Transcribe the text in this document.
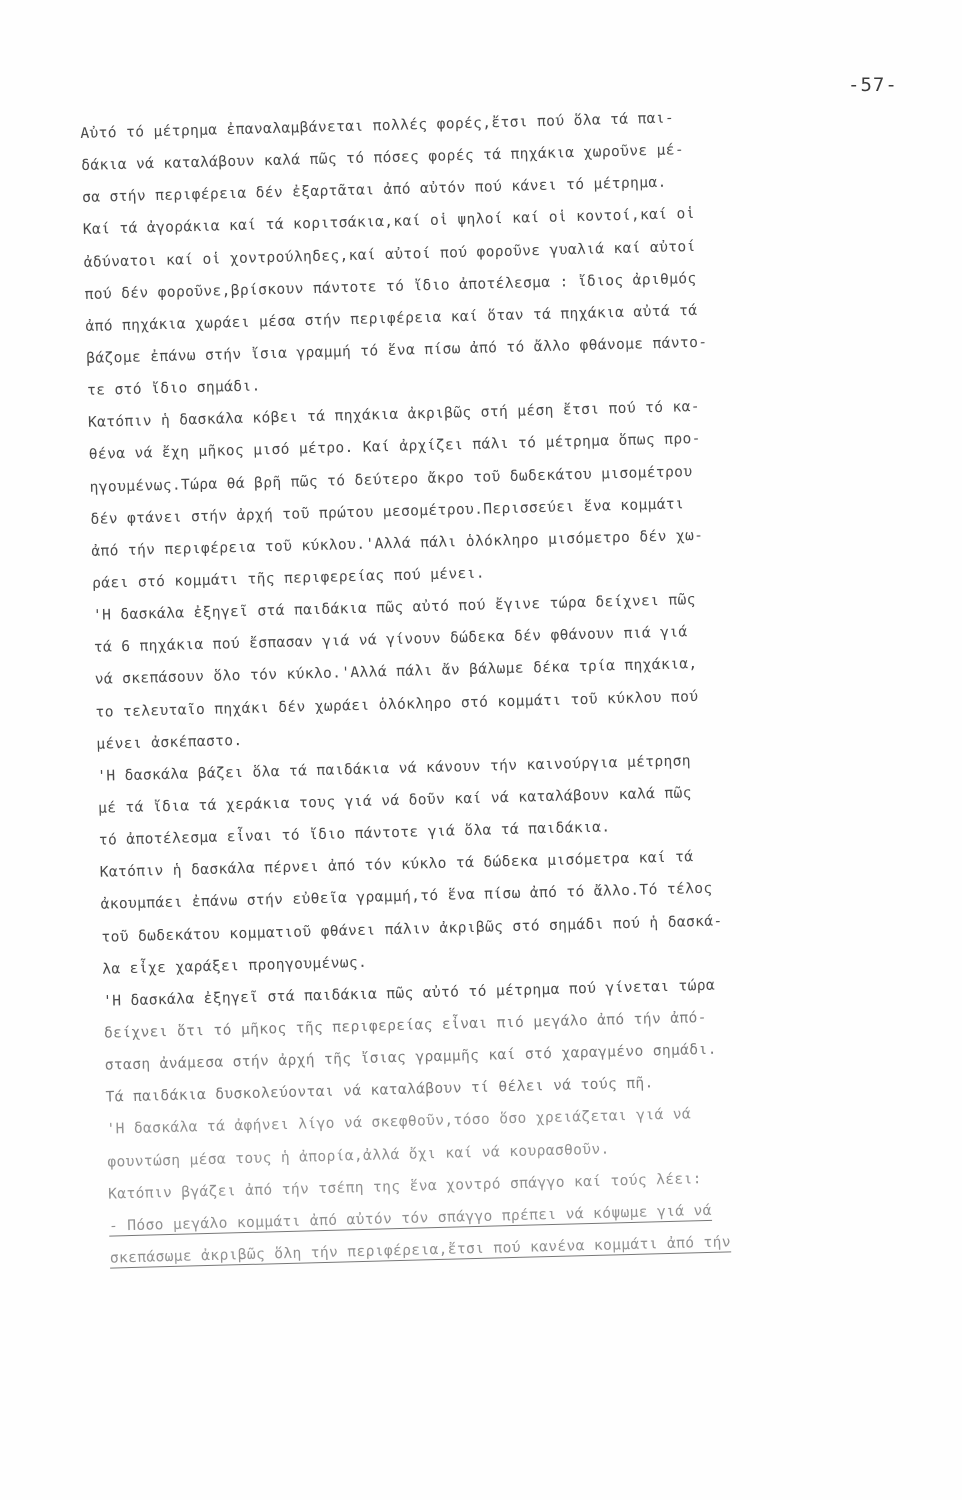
-57-
Αὐτό τό μέτρημα ἐπαναλαμβάνεται πολλές φορές,ἔτσι πού ὅλα τά παι-
δάκια νά καταλάβουν καλά πῶς τό πόσες φορές τά πηχάκια χωροῦνε μέ-
σα στήν περιφέρεια δέν ἐξαρτᾶται ἀπό αὐτόν πού κάνει τό μέτρημα.
Καί τά ἀγοράκια καί τά κοριτσάκια,καί οἱ ψηλοί καί οἱ κοντοί,καί οἱ
ἀδύνατοι καί οἱ χοντρούληδες,καί αὐτοί πού φοροῦνε γυαλιά καί αὐτοί
πού δέν φοροῦνε,βρίσκουν πάντοτε τό ἴδιο ἀποτέλεσμα : ἴδιος ἀριθμός
ἀπό πηχάκια χωράει μέσα στήν περιφέρεια καί ὅταν τά πηχάκια αὐτά τά
βάζομε ἐπάνω στήν ἴσια γραμμή τό ἕνα πίσω ἀπό τό ἄλλο φθάνομε πάντο-
τε στό ἴδιο σημάδι.
Κατόπιν ἡ δασκάλα κόβει τά πηχάκια ἀκριβῶς στή μέση ἔτσι πού τό κα-
θένα νά ἔχη μῆκος μισό μέτρο. Καί ἀρχίζει πάλι τό μέτρημα ὅπως προ-
ηγουμένως.Τώρα θά βρῆ πῶς τό δεύτερο ἄκρο τοῦ δωδεκάτου μισομέτρου
δέν φτάνει στήν ἀρχή τοῦ πρώτου μεσομέτρου.Περισσεύει ἕνα κομμάτι
ἀπό τήν περιφέρεια τοῦ κύκλου.'Αλλά πάλι ὁλόκληρο μισόμετρο δέν χω-
ράει στό κομμάτι τῆς περιφερείας πού μένει.
'Η δασκάλα ἐξηγεῖ στά παιδάκια πῶς αὐτό πού ἔγινε τώρα δείχνει πῶς
τά 6 πηχάκια πού ἔσπασαν γιά νά γίνουν δώδεκα δέν φθάνουν πιά γιά
νά σκεπάσουν ὅλο τόν κύκλο.'Αλλά πάλι ἄν βάλωμε δέκα τρία πηχάκια,
το τελευταῖο πηχάκι δέν χωράει ὁλόκληρο στό κομμάτι τοῦ κύκλου πού
μένει ἀσκέπαστο.
'Η δασκάλα βάζει ὅλα τά παιδάκια νά κάνουν τήν καινούργια μέτρηση
μέ τά ἴδια τά χεράκια τους γιά νά δοῦν καί νά καταλάβουν καλά πῶς
τό ἀποτέλεσμα εἶναι τό ἴδιο πάντοτε γιά ὅλα τά παιδάκια.
Κατόπιν ἡ δασκάλα πέρνει ἀπό τόν κύκλο τά δώδεκα μισόμετρα καί τά
ἀκουμπάει ἐπάνω στήν εὐθεῖα γραμμή,τό ἕνα πίσω ἀπό τό ἄλλο.Τό τέλος
τοῦ δωδεκάτου κομματιοῦ φθάνει πάλιν ἀκριβῶς στό σημάδι πού ἡ δασκά-
λα εἶχε χαράξει προηγουμένως.
'Η δασκάλα ἐξηγεῖ στά παιδάκια πῶς αὐτό τό μέτρημα πού γίνεται τώρα
δείχνει ὅτι τό μῆκος τῆς περιφερείας εἶναι πιό μεγάλο ἀπό τήν ἀπό-
σταση ἀνάμεσα στήν ἀρχή τῆς ἴσιας γραμμῆς καί στό χαραγμένο σημάδι.
Τά παιδάκια δυσκολεύονται νά καταλάβουν τί θέλει νά τούς πῆ.
'Η δασκάλα τά ἀφήνει λίγο νά σκεφθοῦν,τόσο ὅσο χρειάζεται γιά νά
φουντώση μέσα τους ἡ ἀπορία,ἀλλά ὄχι καί νά κουρασθοῦν.
Κατόπιν βγάζει ἀπό τήν τσέπη της ἕνα χοντρό σπάγγο καί τούς λέει:
- Πόσο μεγάλο κομμάτι ἀπό αὐτόν τόν σπάγγο πρέπει νά κόψωμε γιά νά
σκεπάσωμε ἀκριβῶς ὅλη τήν περιφέρεια,ἔτσι πού κανένα κομμάτι ἀπό τήν
